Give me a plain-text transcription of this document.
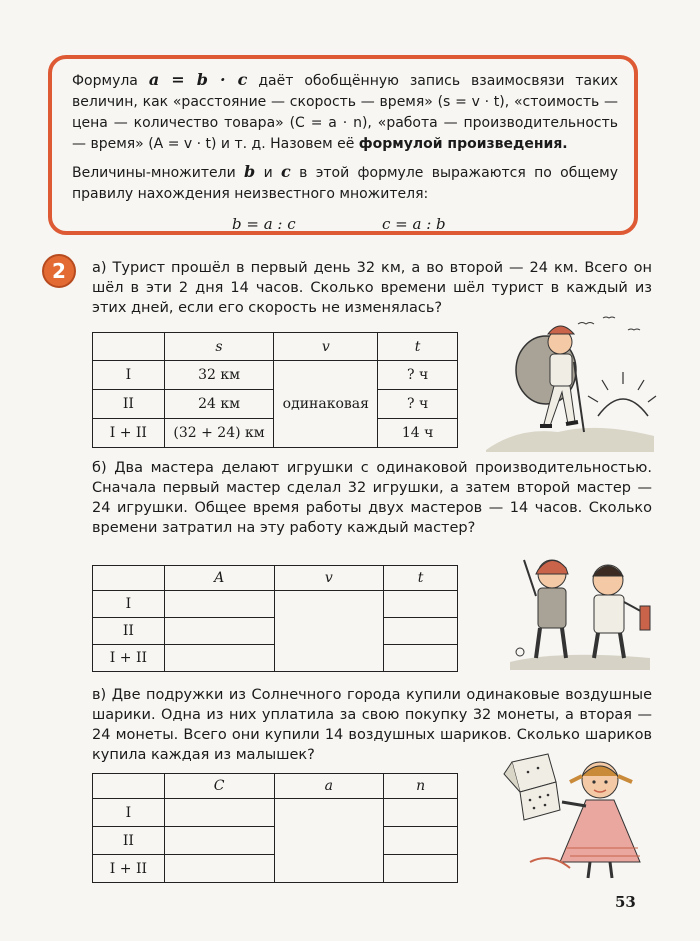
Формула a = b · c даёт обобщённую запись взаимосвязи таких величин, как «расстояние — скорость — время» (s = v · t), «стоимость — цена — количество товара» (C = a · n), «работа — производительность — время» (A = v · t) и т. д. Назовем её формулой произведения.

Величины-множители b и c в этой формуле выражаются по общему правилу нахождения неизвестного множителя:

b = a : c	c = a : b
2	а) Турист прошёл в первый день 32 км, а во второй — 24 км. Всего он шёл в эти 2 дня 14 часов. Сколько времени шёл турист в каждый из этих дней, если его скорость не изменялась?

	s	v	t
I	32 км	одинаковая	? ч
II	24 км		? ч
I + II	(32 + 24) км		14 ч

б) Два мастера делают игрушки с одинаковой производительностью. Сначала первый мастер сделал 32 игрушки, а затем второй мастер — 24 игрушки. Общее время работы двух мастеров — 14 часов. Сколько времени затратил на эту работу каждый мастер?

	A	v	t
I			
II			
I + II			

в) Две подружки из Солнечного города купили одинаковые воздушные шарики. Одна из них уплатила за свою покупку 32 монеты, а вторая — 24 монеты. Всего они купили 14 воздушных шариков. Сколько шариков купила каждая из малышек?

	C	a	n
I			
II			
I + II			
53
